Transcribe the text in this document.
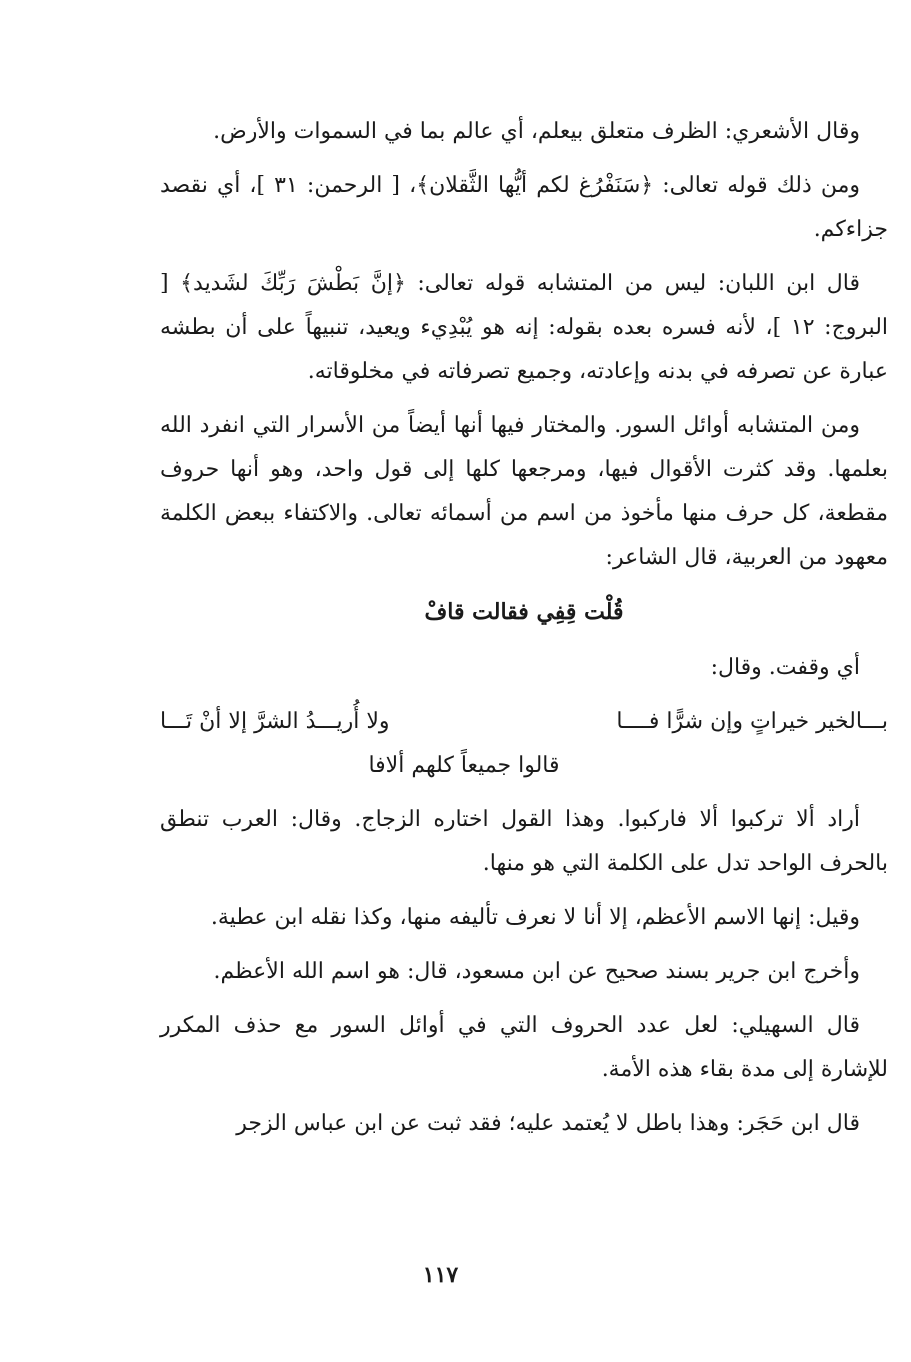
وقال الأشعري: الظرف متعلق بيعلم، أي عالم بما في السموات والأرض.

ومن ذلك قوله تعالى: ﴿سَنَفْرُغ لكم أيُّها الثَّقلان﴾، [ الرحمن: ٣١ ]، أي نقصد جزاءكم.

قال ابن اللبان: ليس من المتشابه قوله تعالى: ﴿إنَّ بَطْشَ رَبِّكَ لشَديد﴾ [ البروج: ١٢ ]، لأنه فسره بعده بقوله: إنه هو يُبْدِيء ويعيد، تنبيهاً على أن بطشه عبارة عن تصرفه في بدنه وإعادته، وجميع تصرفاته في مخلوقاته.

ومن المتشابه أوائل السور. والمختار فيها أنها أيضاً من الأسرار التي انفرد الله بعلمها. وقد كثرت الأقوال فيها، ومرجعها كلها إلى قول واحد، وهو أنها حروف مقطعة، كل حرف منها مأخوذ من اسم من أسمائه تعالى. والاكتفاء ببعض الكلمة معهود من العربية، قال الشاعر:

قُلْت قِفِي فقالت قافْ

أي وقفت. وقال:

بـــالخير خيراتٍ وإن شرًّا فــــا
ولا أُريـــدُ الشرَّ إلا أنْ تَـــا
قالوا جميعاً كلهم ألافا

أراد ألا تركبوا ألا فاركبوا. وهذا القول اختاره الزجاج. وقال: العرب تنطق بالحرف الواحد تدل على الكلمة التي هو منها.

وقيل: إنها الاسم الأعظم، إلا أنا لا نعرف تأليفه منها، وكذا نقله ابن عطية.

وأخرج ابن جرير بسند صحيح عن ابن مسعود، قال: هو اسم الله الأعظم.

قال السهيلي: لعل عدد الحروف التي في أوائل السور مع حذف المكرر للإشارة إلى مدة بقاء هذه الأمة.

قال ابن حَجَر: وهذا باطل لا يُعتمد عليه؛ فقد ثبت عن ابن عباس الزجر

١١٧
